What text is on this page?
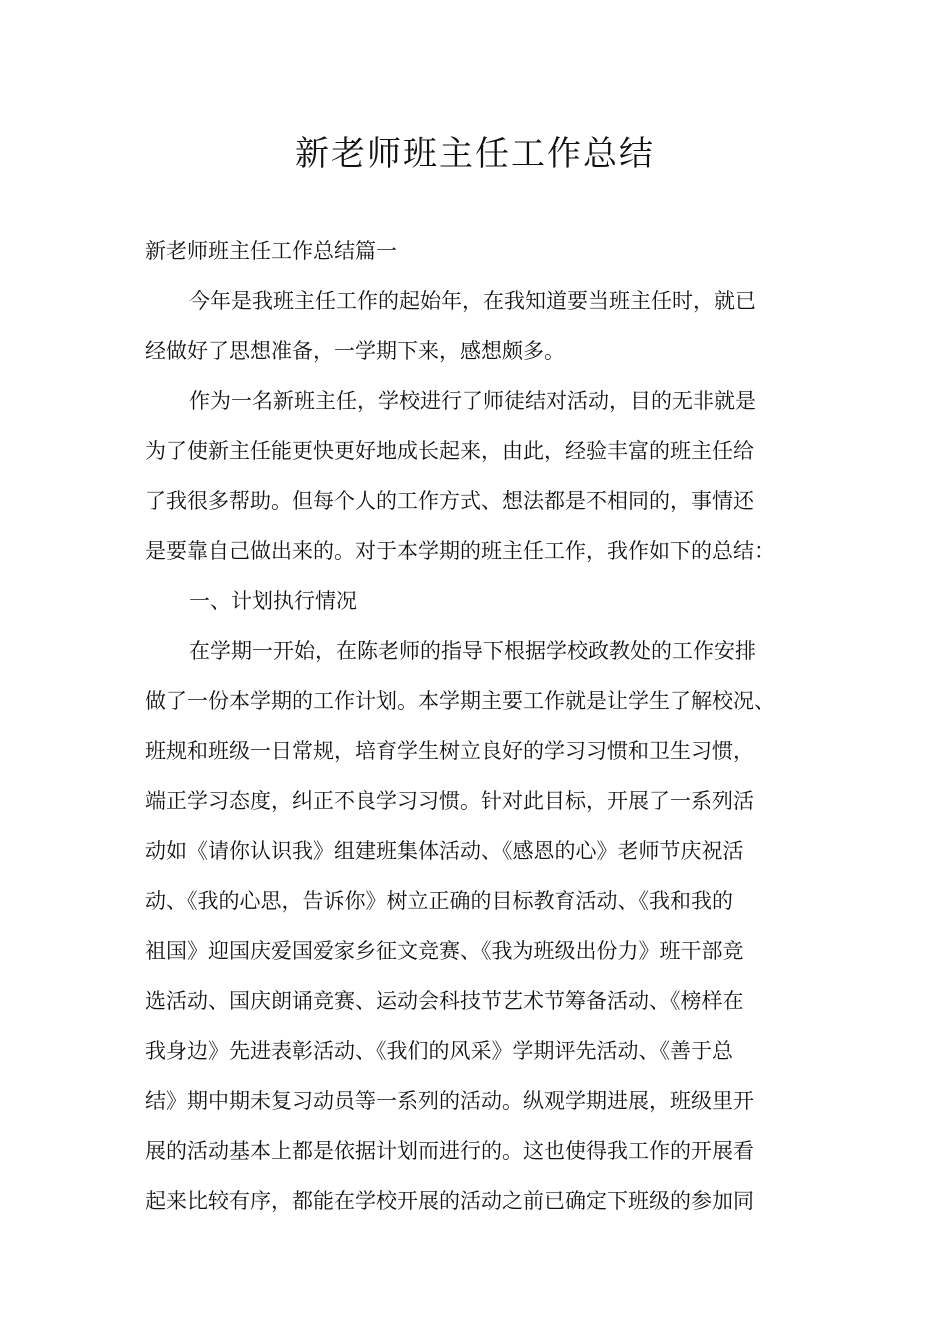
新老师班主任工作总结
新老师班主任工作总结篇一
今年是我班主任工作的起始年，在我知道要当班主任时，就已
经做好了思想准备，一学期下来，感想颇多。
作为一名新班主任，学校进行了师徒结对活动，目的无非就是
为了使新主任能更快更好地成长起来，由此，经验丰富的班主任给
了我很多帮助。但每个人的工作方式、想法都是不相同的，事情还
是要靠自己做出来的。对于本学期的班主任工作，我作如下的总结：
一、计划执行情况
在学期一开始，在陈老师的指导下根据学校政教处的工作安排
做了一份本学期的工作计划。本学期主要工作就是让学生了解校况、
班规和班级一日常规，培育学生树立良好的学习习惯和卫生习惯，
端正学习态度，纠正不良学习习惯。针对此目标，开展了一系列活
动如《请你认识我》组建班集体活动、《感恩的心》老师节庆祝活
动、《我的心思，告诉你》树立正确的目标教育活动、《我和我的
祖国》迎国庆爱国爱家乡征文竞赛、《我为班级出份力》班干部竞
选活动、国庆朗诵竞赛、运动会科技节艺术节筹备活动、《榜样在
我身边》先进表彰活动、《我们的风采》学期评先活动、《善于总
结》期中期未复习动员等一系列的活动。纵观学期进展，班级里开
展的活动基本上都是依据计划而进行的。这也使得我工作的开展看
起来比较有序，都能在学校开展的活动之前已确定下班级的参加同
